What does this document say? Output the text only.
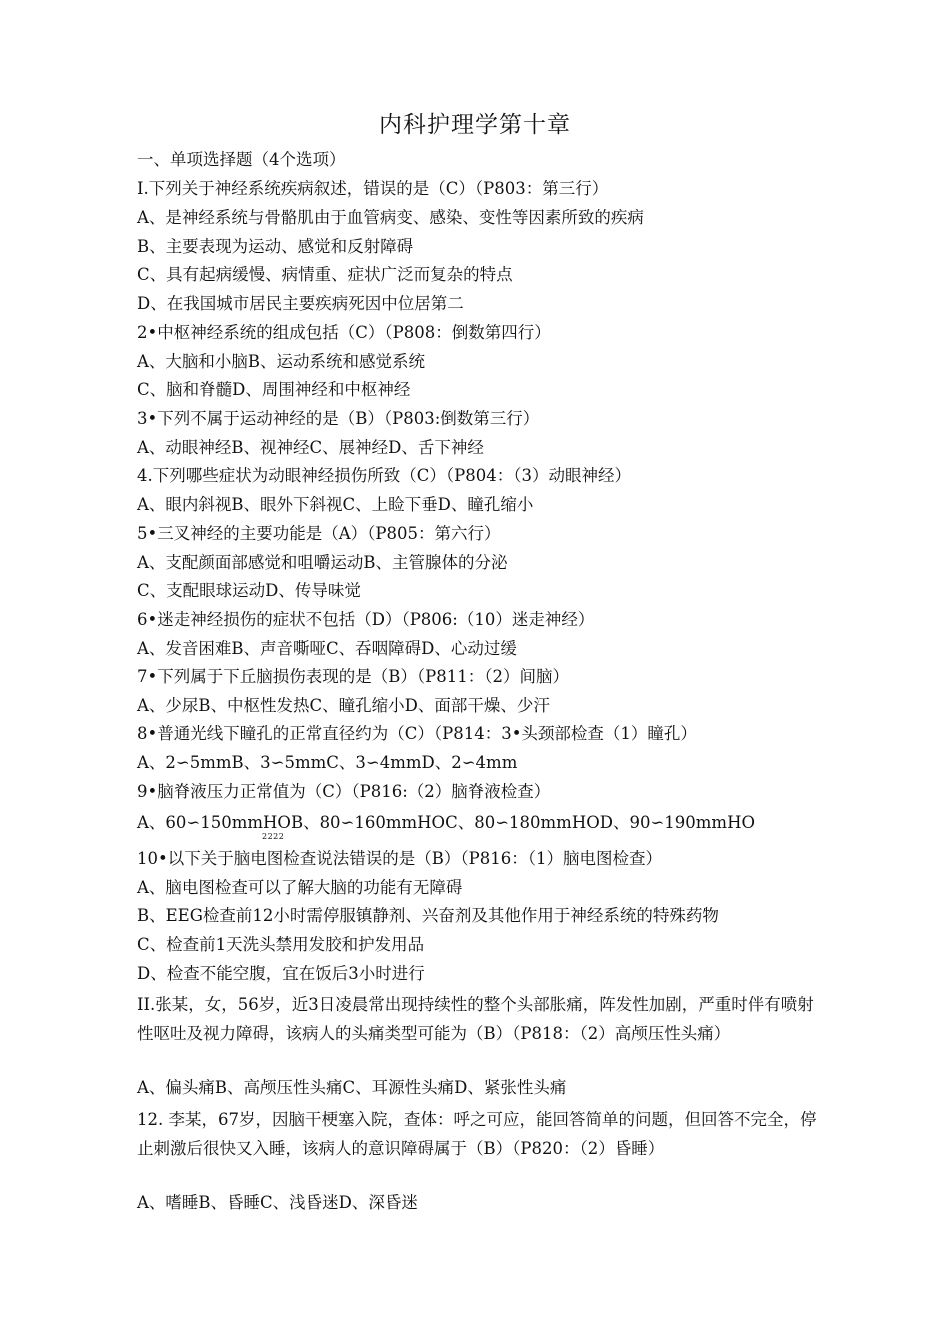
内科护理学第十章
一、单项选择题（4个选项）
I.下列关于神经系统疾病叙述，错误的是（C）（P803：第三行）
A、是神经系统与骨骼肌由于血管病变、感染、变性等因素所致的疾病
B、主要表现为运动、感觉和反射障碍
C、具有起病缓慢、病情重、症状广泛而复杂的特点
D、在我国城市居民主要疾病死因中位居第二
2•中枢神经系统的组成包括（C）（P808：倒数第四行）
A、大脑和小脑B、运动系统和感觉系统
C、脑和脊髓D、周围神经和中枢神经
3•下列不属于运动神经的是（B）（P803:倒数第三行）
A、动眼神经B、视神经C、展神经D、舌下神经
4.下列哪些症状为动眼神经损伤所致（C）（P804：（3）动眼神经）
A、眼内斜视B、眼外下斜视C、上睑下垂D、瞳孔缩小
5•三叉神经的主要功能是（A）（P805：第六行）
A、支配颜面部感觉和咀嚼运动B、主管腺体的分泌
C、支配眼球运动D、传导味觉
6•迷走神经损伤的症状不包括（D）（P806:（10）迷走神经）
A、发音困难B、声音嘶哑C、吞咽障碍D、心动过缓
7•下列属于下丘脑损伤表现的是（B）（P811：（2）间脑）
A、少尿B、中枢性发热C、瞳孔缩小D、面部干燥、少汗
8•普通光线下瞳孔的正常直径约为（C）（P814：3•头颈部检查（1）瞳孔）
A、2∽5mmB、3∽5mmC、3∽4mmD、2∽4mm
9•脑脊液压力正常值为（C）（P816:（2）脑脊液检查）
A、60∽150mmHOB、80∽160mmHOC、80∽180mmHOD、90∽190mmHO
2222
10•以下关于脑电图检查说法错误的是（B）（P816：（1）脑电图检查）
A、脑电图检查可以了解大脑的功能有无障碍
B、EEG检查前12小时需停服镇静剂、兴奋剂及其他作用于神经系统的特殊药物
C、检查前1天洗头禁用发胶和护发用品
D、检查不能空腹，宜在饭后3小时进行
II.张某，女，56岁，近3日凌晨常出现持续性的整个头部胀痛，阵发性加剧，严重时伴有喷射性呕吐及视力障碍，该病人的头痛类型可能为（B）（P818：（2）高颅压性头痛）
A、偏头痛B、高颅压性头痛C、耳源性头痛D、紧张性头痛
12. 李某，67岁，因脑干梗塞入院，查体：呼之可应，能回答简单的问题，但回答不完全，停止刺激后很快又入睡，该病人的意识障碍属于（B）（P820：（2）昏睡）
A、嗜睡B、昏睡C、浅昏迷D、深昏迷
